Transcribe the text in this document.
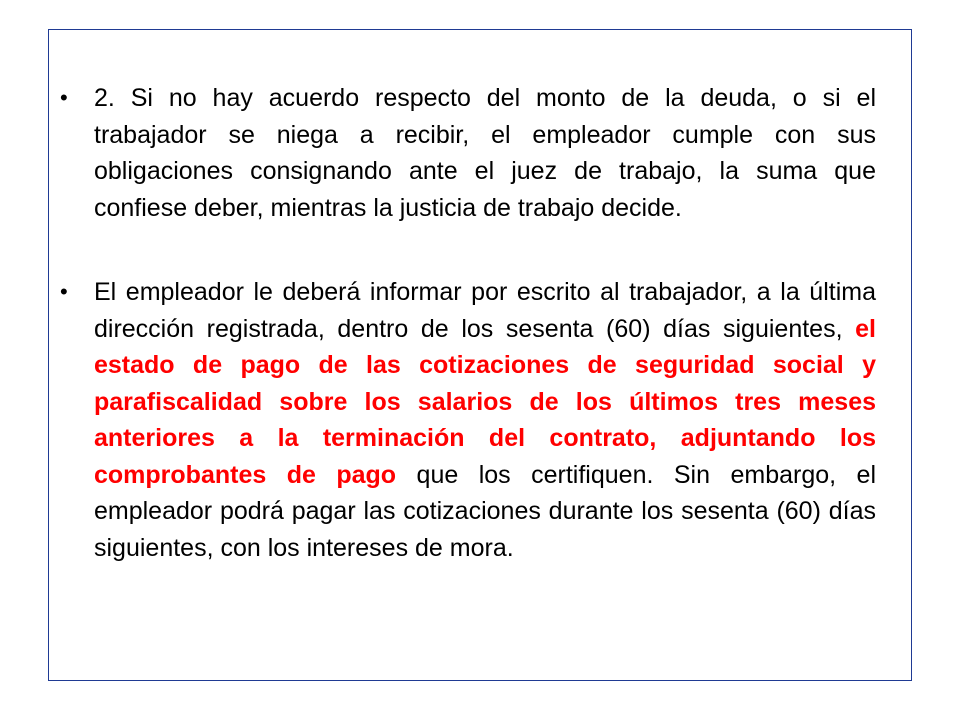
• 2. Si no hay acuerdo respecto del monto de la deuda, o si el trabajador se niega a recibir, el empleador cumple con sus obligaciones consignando ante el juez de trabajo, la suma que confiese deber, mientras la justicia de trabajo decide.
• El empleador le deberá informar por escrito al trabajador, a la última dirección registrada, dentro de los sesenta (60) días siguientes, el estado de pago de las cotizaciones de seguridad social y parafiscalidad sobre los salarios de los últimos tres meses anteriores a la terminación del contrato, adjuntando los comprobantes de pago que los certifiquen. Sin embargo, el empleador podrá pagar las cotizaciones durante los sesenta (60) días siguientes, con los intereses de mora.
